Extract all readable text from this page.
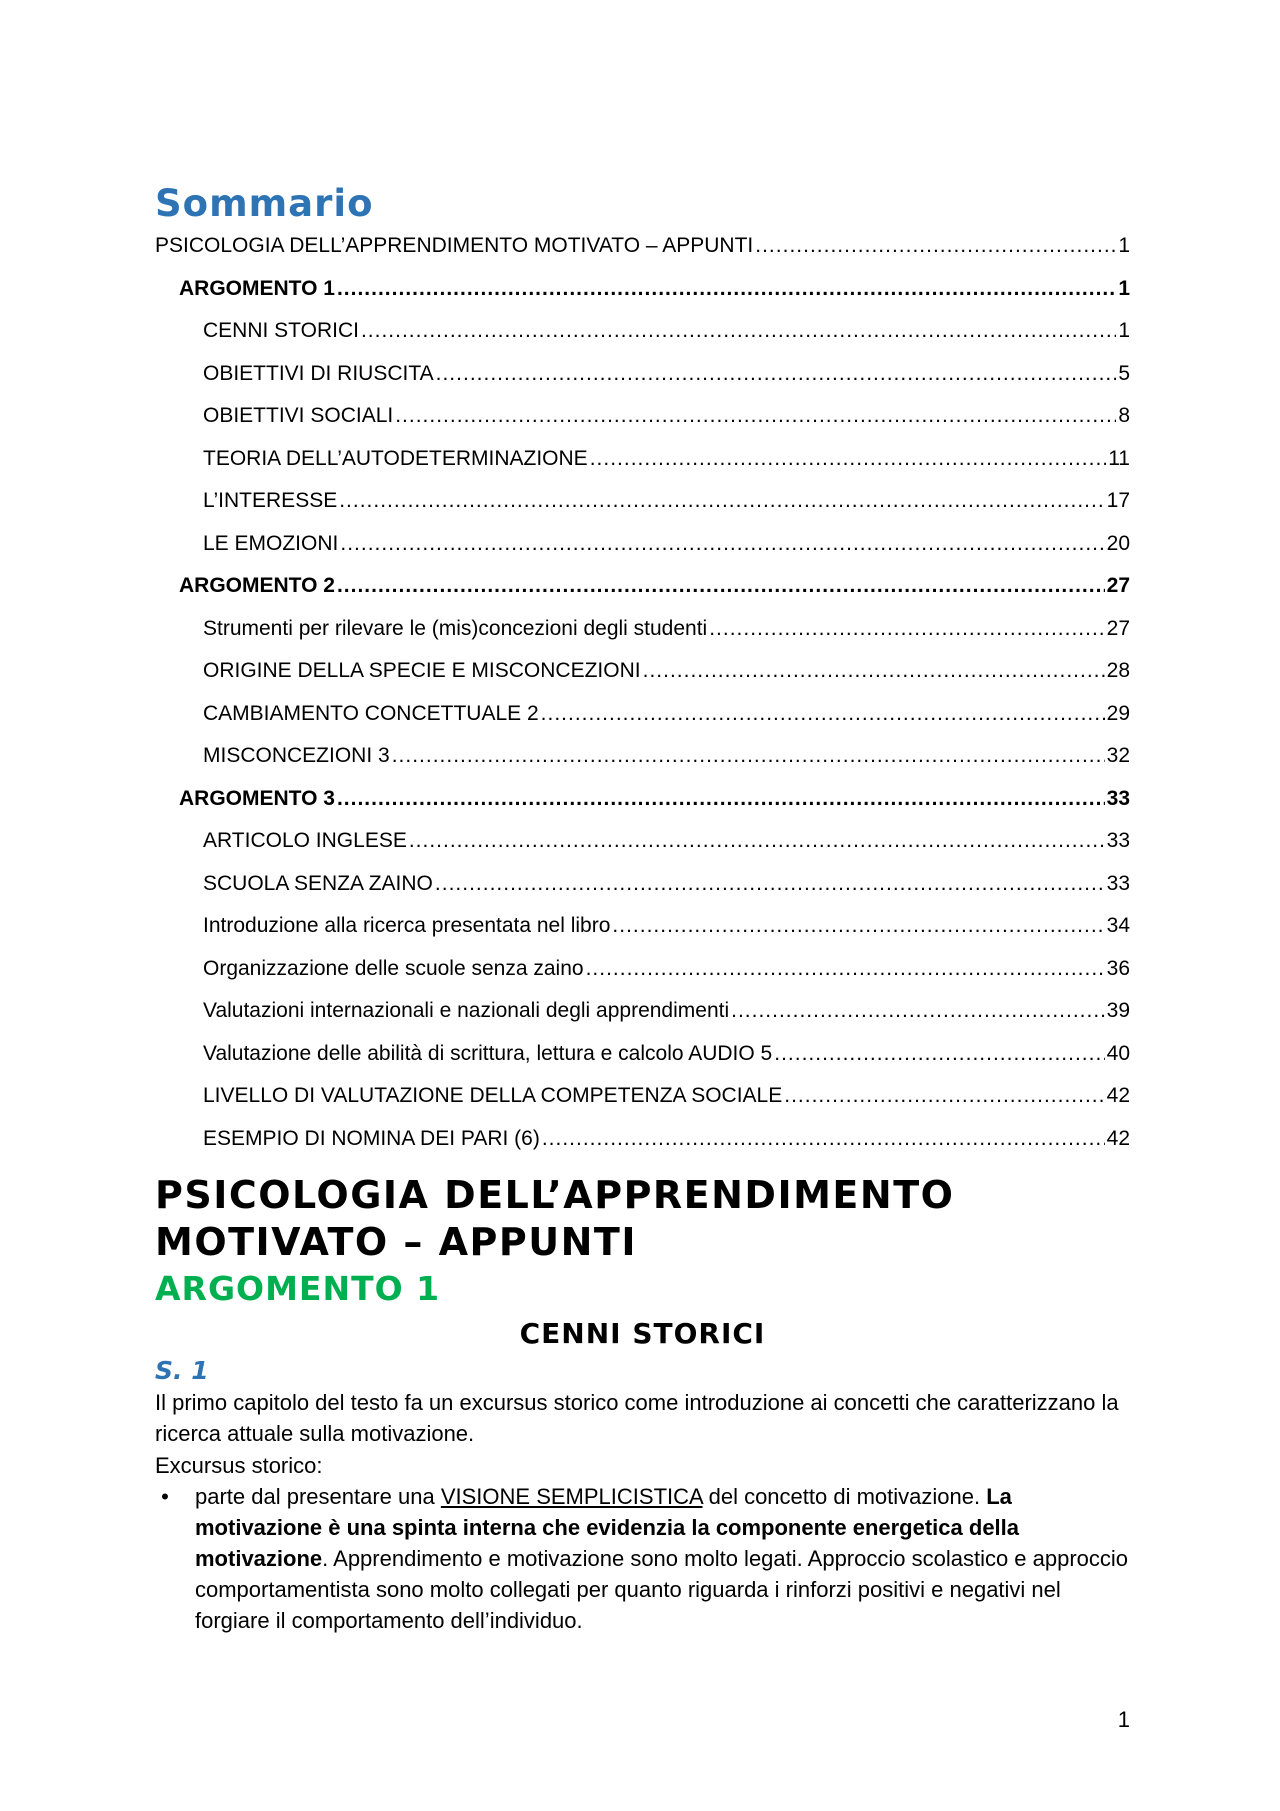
Sommario
PSICOLOGIA DELL’APPRENDIMENTO MOTIVATO – APPUNTI .....	1
ARGOMENTO 1 .....	1
CENNI STORICI .....	1
OBIETTIVI DI RIUSCITA .....	5
OBIETTIVI SOCIALI .....	8
TEORIA DELL’AUTODETERMINAZIONE .....	11
L’INTERESSE .....	17
LE EMOZIONI .....	20
ARGOMENTO 2 .....	27
Strumenti per rilevare le (mis)concezioni degli studenti .....	27
ORIGINE DELLA SPECIE E MISCONCEZIONI .....	28
CAMBIAMENTO CONCETTUALE 2 .....	29
MISCONCEZIONI 3 .....	32
ARGOMENTO 3 .....	33
ARTICOLO INGLESE .....	33
SCUOLA SENZA ZAINO .....	33
Introduzione alla ricerca presentata nel libro .....	34
Organizzazione delle scuole senza zaino .....	36
Valutazioni internazionali e nazionali degli apprendimenti .....	39
Valutazione delle abilità di scrittura, lettura e calcolo AUDIO 5 .....	40
LIVELLO DI VALUTAZIONE DELLA COMPETENZA SOCIALE .....	42
ESEMPIO DI NOMINA DEI PARI (6) .....	42
PSICOLOGIA DELL’APPRENDIMENTO MOTIVATO – APPUNTI
ARGOMENTO 1
CENNI STORICI
S. 1

Il primo capitolo del testo fa un excursus storico come introduzione ai concetti che caratterizzano la ricerca attuale sulla motivazione.

Excursus storico:

• parte dal presentare una VISIONE SEMPLICISTICA del concetto di motivazione. La motivazione è una spinta interna che evidenzia la componente energetica della motivazione. Apprendimento e motivazione sono molto legati. Approccio scolastico e approccio comportamentista sono molto collegati per quanto riguarda i rinforzi positivi e negativi nel forgiare il comportamento dell’individuo.
1
